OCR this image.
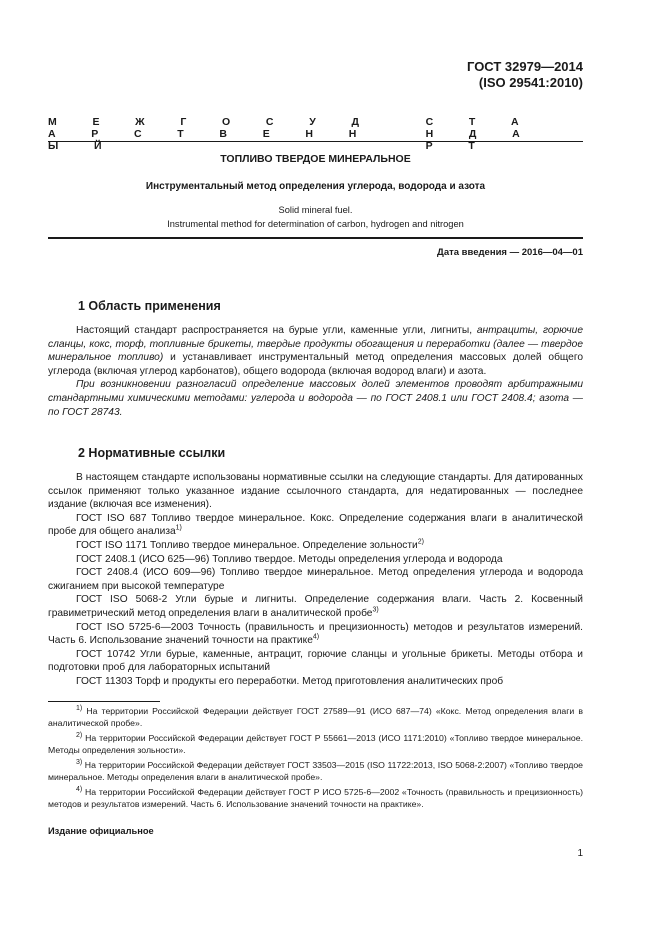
ГОСТ 32979—2014
(ISO 29541:2010)
М     Е     Ж     Г     О     С     У     Д     А     Р     С     Т     В     Е     Н     Н     Ы     Й
С     Т     А     Н     Д     А     Р     Т
ТОПЛИВО ТВЕРДОЕ МИНЕРАЛЬНОЕ
Инструментальный метод определения углерода, водорода и азота
Solid mineral fuel.
Instrumental method for determination of carbon, hydrogen and nitrogen
Дата введения — 2016—04—01
1 Область применения

Настоящий стандарт распространяется на бурые угли, каменные угли, лигниты, антрациты, горючие сланцы, кокс, торф, топливные брикеты, твердые продукты обогащения и переработки (далее — твердое минеральное топливо) и устанавливает инструментальный метод определения массовых долей общего углерода (включая углерод карбонатов), общего водорода (включая водород влаги) и азота.

При возникновении разногласий определение массовых долей элементов проводят арбитражными стандартными химическими методами: углерода и водорода — по ГОСТ 2408.1 или ГОСТ 2408.4; азота — по ГОСТ 28743.

2 Нормативные ссылки

В настоящем стандарте использованы нормативные ссылки на следующие стандарты. Для датированных ссылок применяют только указанное издание ссылочного стандарта, для недатированных — последнее издание (включая все изменения).

ГОСТ ISO 687 Топливо твердое минеральное. Кокс. Определение содержания влаги в аналитической пробе для общего анализа$^{1)}$

ГОСТ ISO 1171 Топливо твердое минеральное. Определение зольности$^{2)}$

ГОСТ 2408.1 (ИСО 625—96) Топливо твердое. Методы определения углерода и водорода

ГОСТ 2408.4 (ИСО 609—96) Топливо твердое минеральное. Метод определения углерода и водорода сжиганием при высокой температуре

ГОСТ ISO 5068-2 Угли бурые и лигниты. Определение содержания влаги. Часть 2. Косвенный гравиметрический метод определения влаги в аналитической пробе$^{3)}$

ГОСТ ISO 5725-6—2003 Точность (правильность и прецизионность) методов и результатов измерений. Часть 6. Использование значений точности на практике$^{4)}$

ГОСТ 10742 Угли бурые, каменные, антрацит, горючие сланцы и угольные брикеты. Методы отбора и подготовки проб для лабораторных испытаний

ГОСТ 11303 Торф и продукты его переработки. Метод приготовления аналитических проб

$^{1)}$ На территории Российской Федерации действует ГОСТ 27589—91 (ИСО 687—74) «Кокс. Метод определения влаги в аналитической пробе».

$^{2)}$ На территории Российской Федерации действует ГОСТ Р 55661—2013 (ИСО 1171:2010) «Топливо твердое минеральное. Методы определения зольности».

$^{3)}$ На территории Российской Федерации действует ГОСТ 33503—2015 (ISO 11722:2013, ISO 5068-2:2007) «Топливо твердое минеральное. Методы определения влаги в аналитической пробе».

$^{4)}$ На территории Российской Федерации действует ГОСТ Р ИСО 5725-6—2002 «Точность (правильность и прецизионность) методов и результатов измерений. Часть 6. Использование значений точности на практике».

Издание официальное
1
